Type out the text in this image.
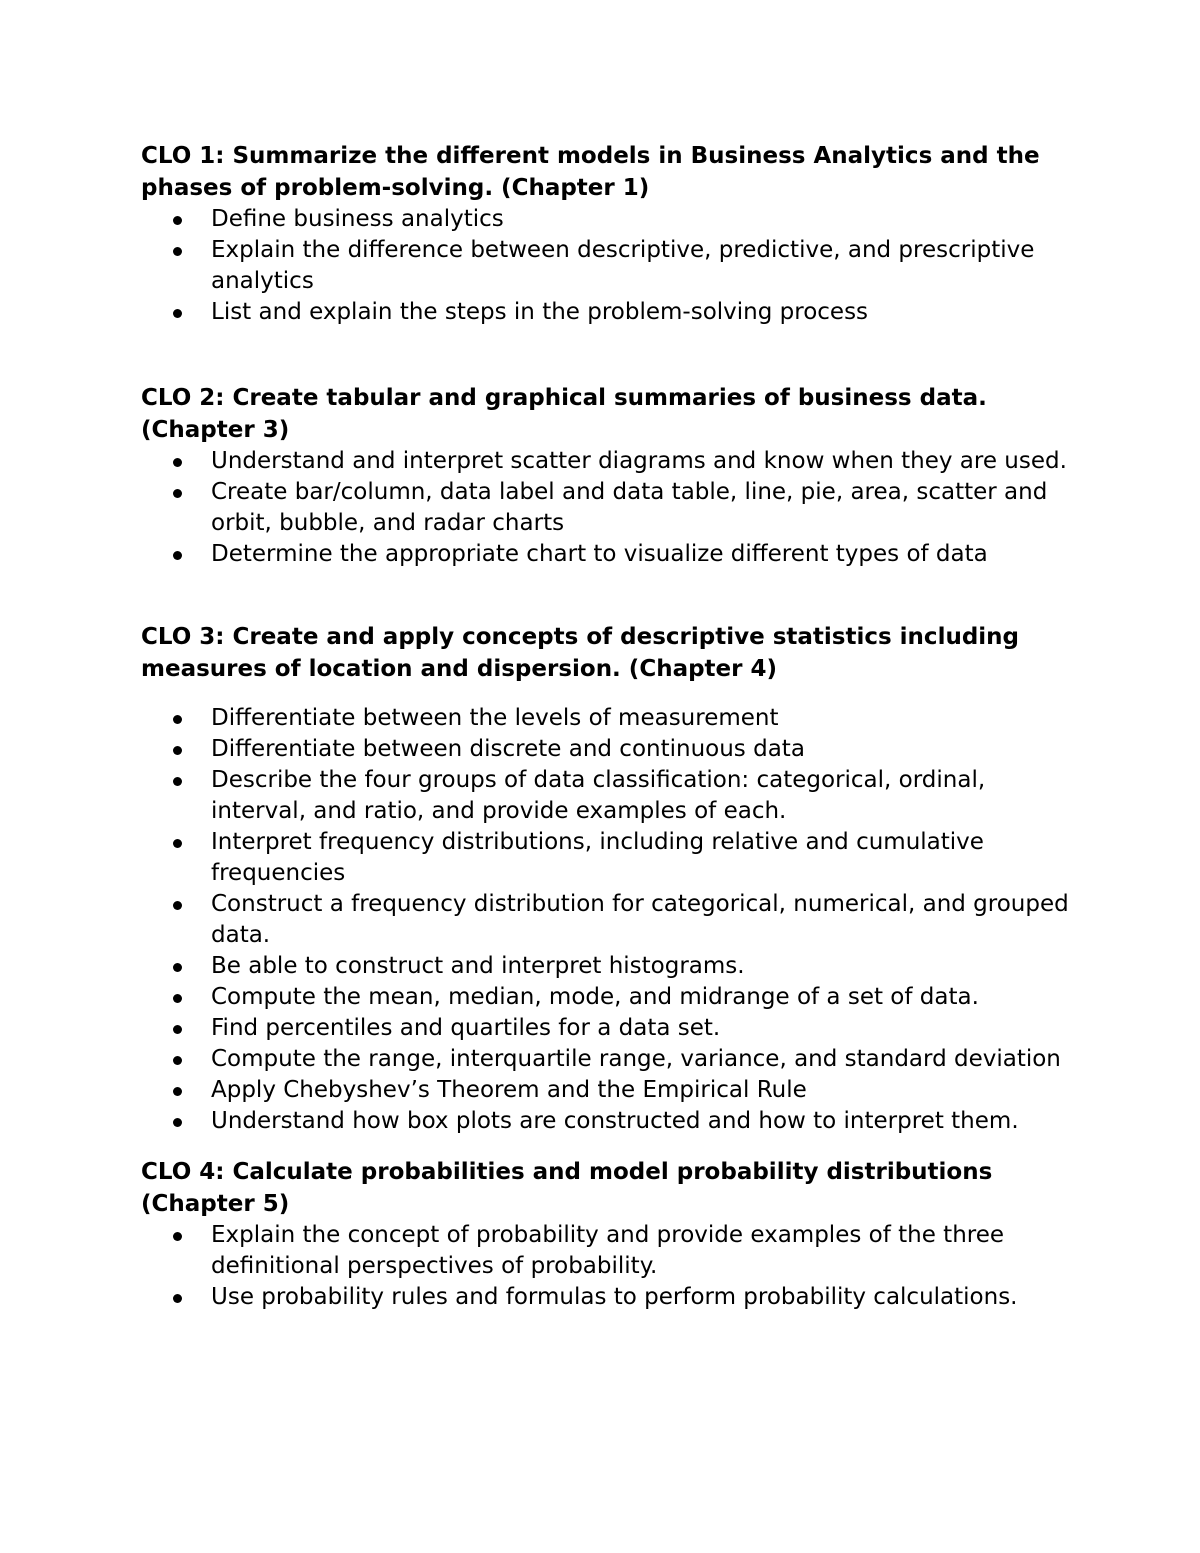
CLO 1: Summarize the different models in Business Analytics and the phases of problem-solving. (Chapter 1)

Define business analytics
Explain the difference between descriptive, predictive, and prescriptive analytics
List and explain the steps in the problem-solving process

CLO 2: Create tabular and graphical summaries of business data. (Chapter 3)

Understand and interpret scatter diagrams and know when they are used.
Create bar/column, data label and data table, line, pie, area, scatter and orbit, bubble, and radar charts
Determine the appropriate chart to visualize different types of data

CLO 3: Create and apply concepts of descriptive statistics including measures of location and dispersion. (Chapter 4)

Differentiate between the levels of measurement
Differentiate between discrete and continuous data
Describe the four groups of data classification: categorical, ordinal, interval, and ratio, and provide examples of each.
Interpret frequency distributions, including relative and cumulative frequencies
Construct a frequency distribution for categorical, numerical, and grouped data.
Be able to construct and interpret histograms.
Compute the mean, median, mode, and midrange of a set of data.
Find percentiles and quartiles for a data set.
Compute the range, interquartile range, variance, and standard deviation
Apply Chebyshev’s Theorem and the Empirical Rule
Understand how box plots are constructed and how to interpret them.

CLO 4: Calculate probabilities and model probability distributions (Chapter 5)

Explain the concept of probability and provide examples of the three definitional perspectives of probability.
Use probability rules and formulas to perform probability calculations.
